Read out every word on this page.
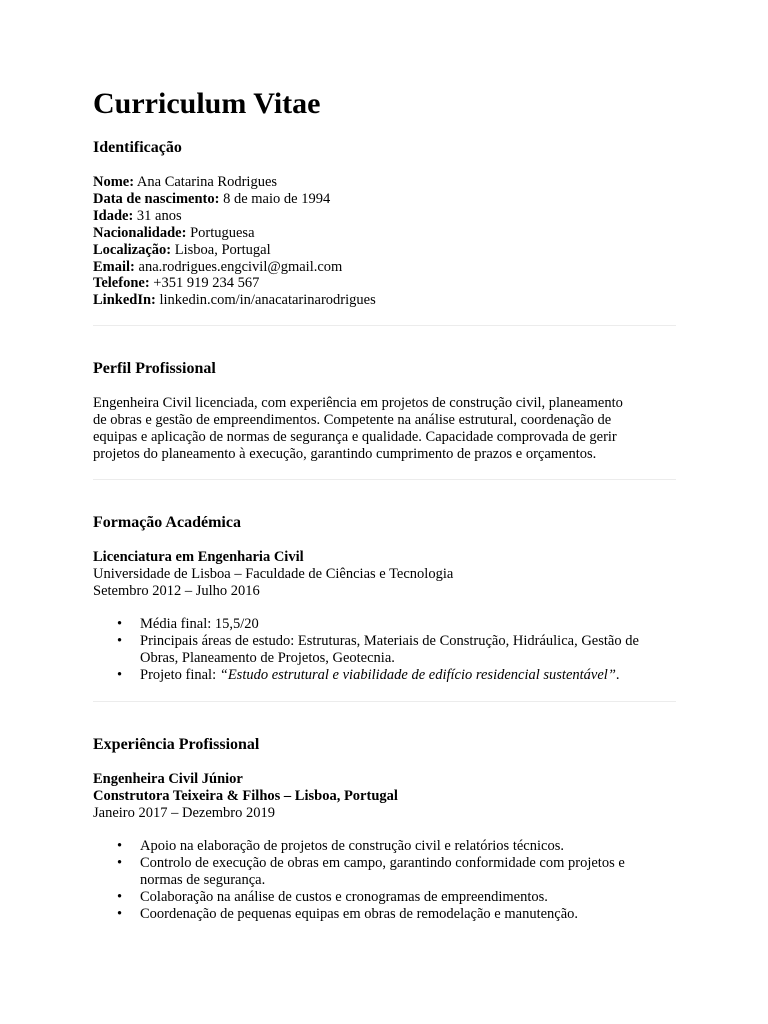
Curriculum Vitae
Identificação
Nome: Ana Catarina Rodrigues
Data de nascimento: 8 de maio de 1994
Idade: 31 anos
Nacionalidade: Portuguesa
Localização: Lisboa, Portugal
Email: ana.rodrigues.engcivil@gmail.com
Telefone: +351 919 234 567
LinkedIn: linkedin.com/in/anacatarinarodrigues
Perfil Profissional
Engenheira Civil licenciada, com experiência em projetos de construção civil, planeamento
de obras e gestão de empreendimentos. Competente na análise estrutural, coordenação de
equipas e aplicação de normas de segurança e qualidade. Capacidade comprovada de gerir
projetos do planeamento à execução, garantindo cumprimento de prazos e orçamentos.
Formação Académica
Licenciatura em Engenharia Civil
Universidade de Lisboa – Faculdade de Ciências e Tecnologia
Setembro 2012 – Julho 2016
• Média final: 15,5/20
• Principais áreas de estudo: Estruturas, Materiais de Construção, Hidráulica, Gestão de
Obras, Planeamento de Projetos, Geotecnia.
• Projeto final: “Estudo estrutural e viabilidade de edifício residencial sustentável”.
Experiência Profissional
Engenheira Civil Júnior
Construtora Teixeira & Filhos – Lisboa, Portugal
Janeiro 2017 – Dezembro 2019
• Apoio na elaboração de projetos de construção civil e relatórios técnicos.
• Controlo de execução de obras em campo, garantindo conformidade com projetos e
normas de segurança.
• Colaboração na análise de custos e cronogramas de empreendimentos.
• Coordenação de pequenas equipas em obras de remodelação e manutenção.
